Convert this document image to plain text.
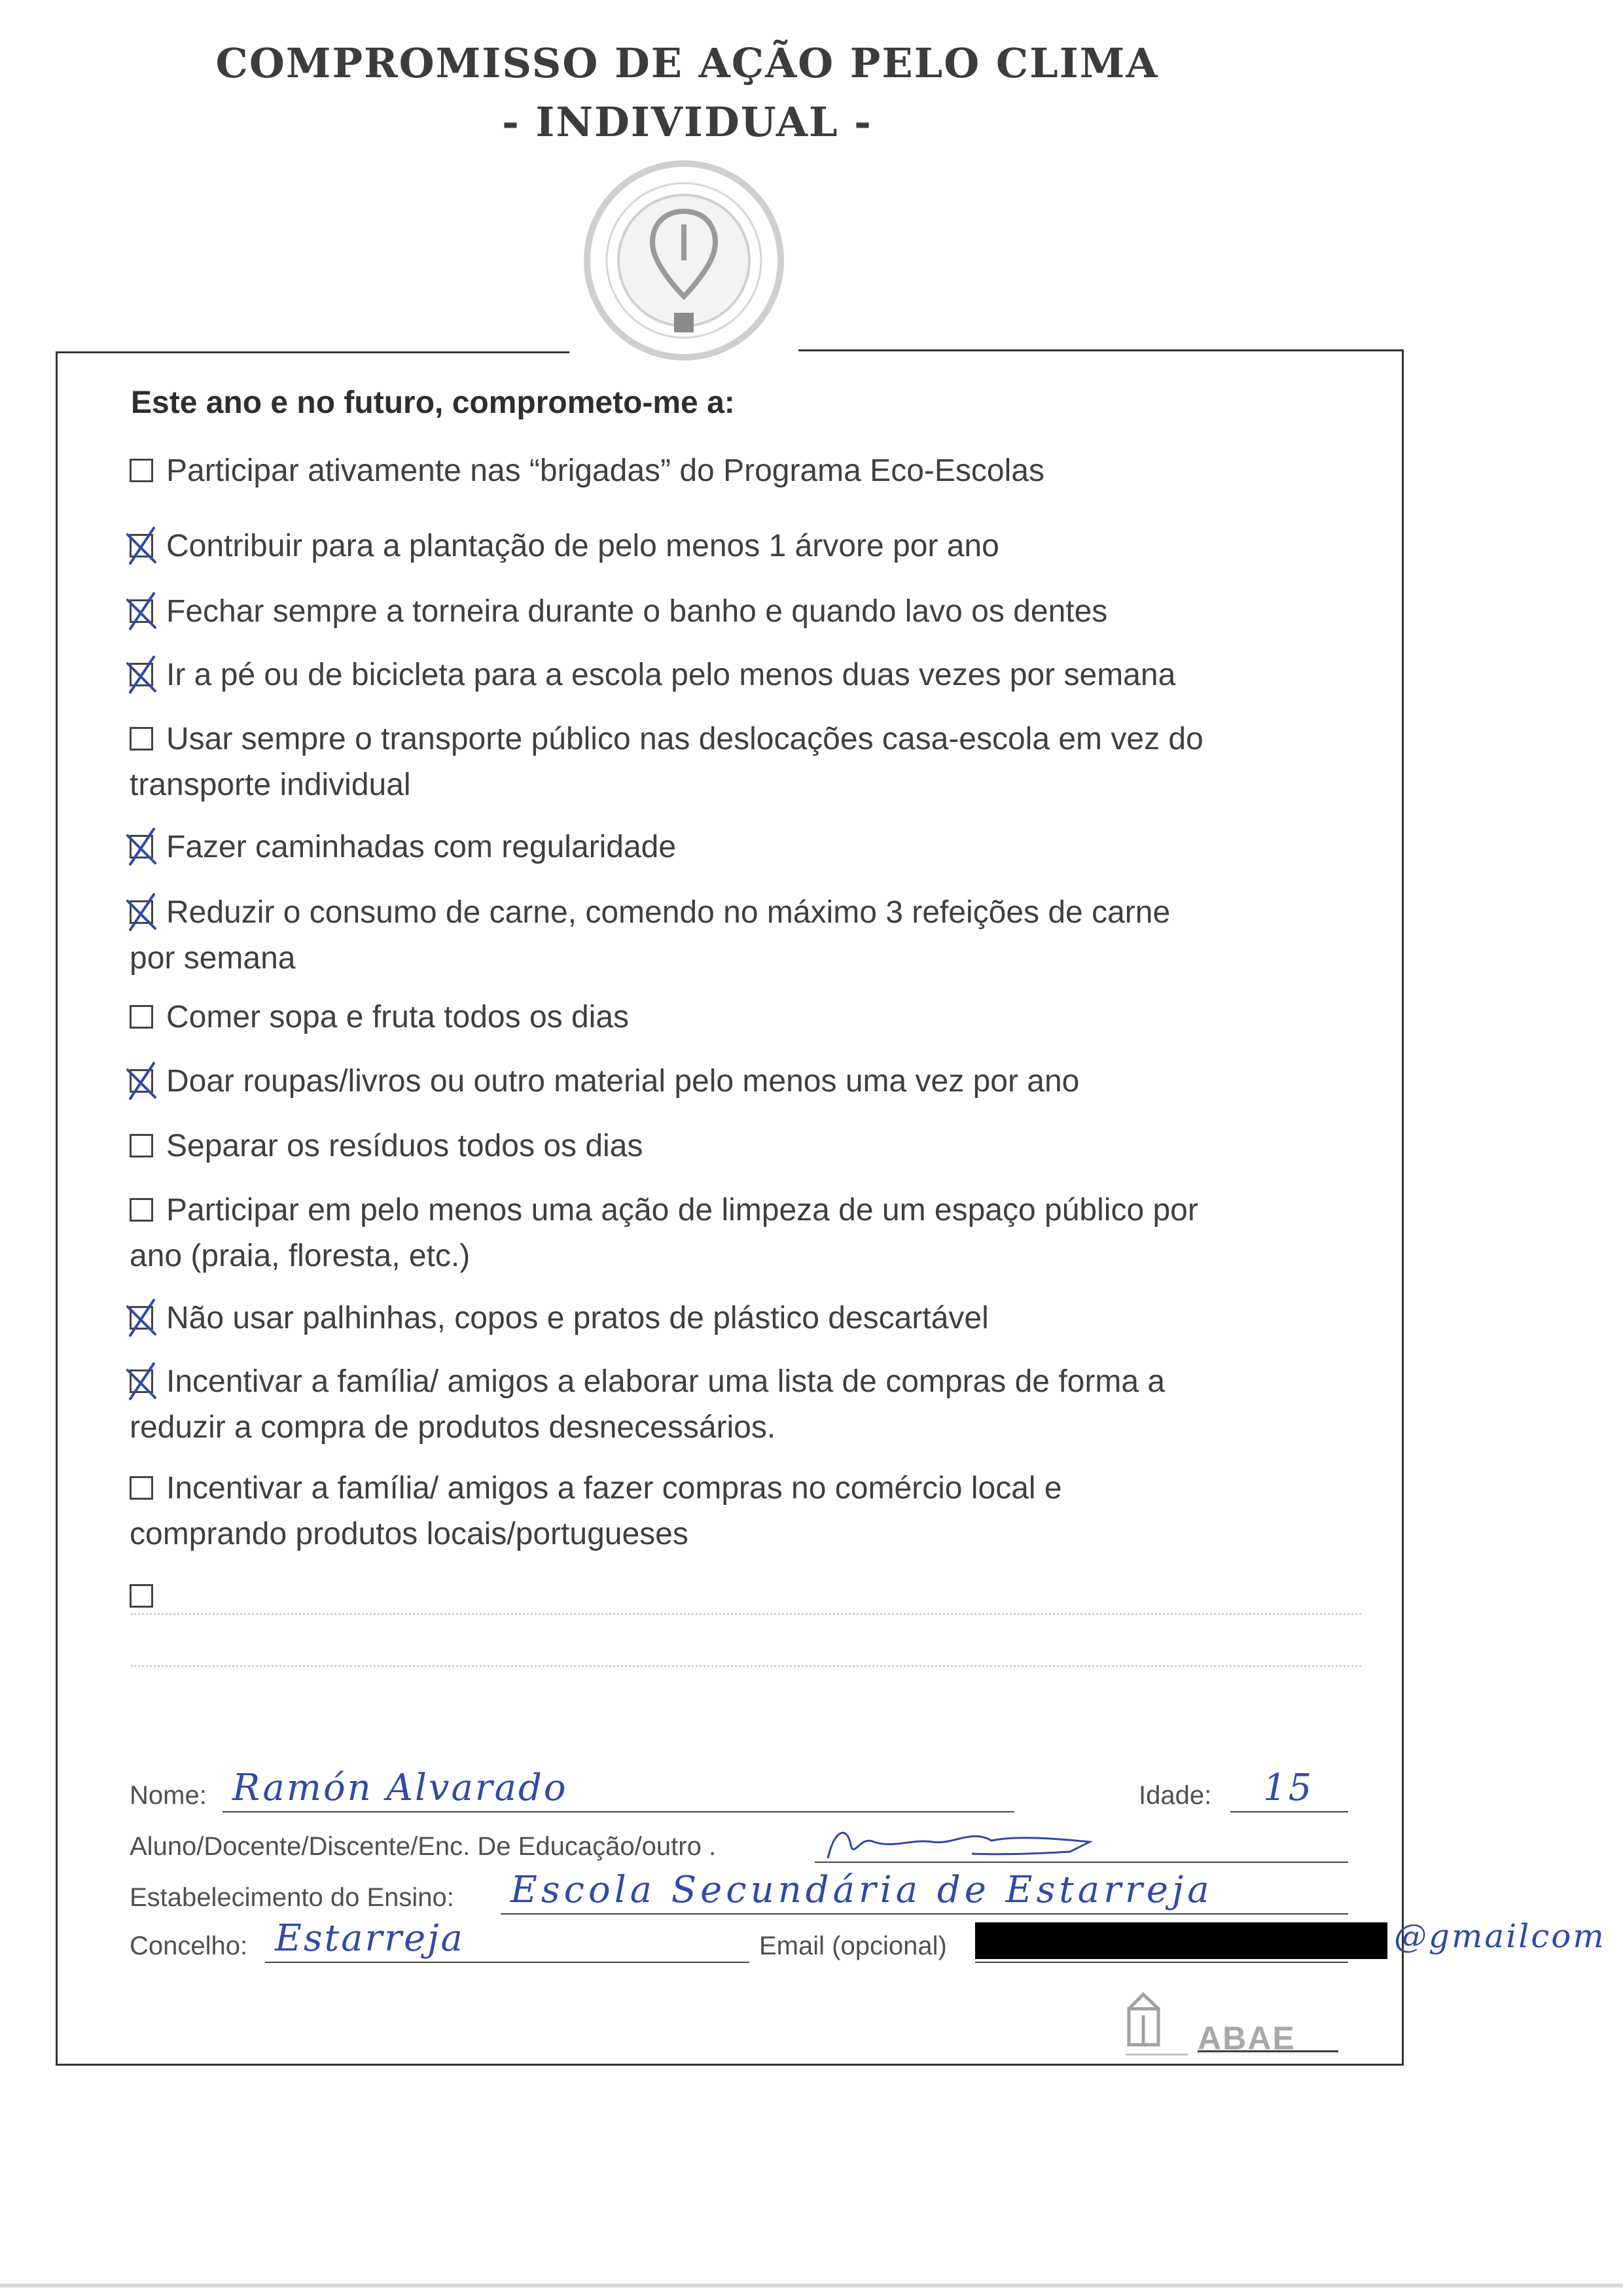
COMPROMISSO DE AÇÃO PELO CLIMA
- INDIVIDUAL -
Este ano e no futuro, comprometo-me a:
Participar ativamente nas “brigadas” do Programa Eco-Escolas
Contribuir para a plantação de pelo menos 1 árvore por ano
Fechar sempre a torneira durante o banho e quando lavo os dentes
Ir a pé ou de bicicleta para a escola pelo menos duas vezes por semana
Usar sempre o transporte público nas deslocações casa-escola em vez do
transporte individual
Fazer caminhadas com regularidade
Reduzir o consumo de carne, comendo no máximo 3 refeições de carne
por semana
Comer sopa e fruta todos os dias
Doar roupas/livros ou outro material pelo menos uma vez por ano
Separar os resíduos todos os dias
Participar em pelo menos uma ação de limpeza de um espaço público por
ano (praia, floresta, etc.)
Não usar palhinhas, copos e pratos de plástico descartável
Incentivar a família/ amigos a elaborar uma lista de compras de forma a
reduzir a compra de produtos desnecessários.
Incentivar a família/ amigos a fazer compras no comércio local e
comprando produtos locais/portugueses
Nome: Ramón Alvarado	Idade: 15
Aluno/Docente/Discente/Enc. De Educação/outro .
Estabelecimento do Ensino: Escola Secundária de Estarreja
Concelho: Estarreja	Email (opcional)	@gmailcom
ABAE
